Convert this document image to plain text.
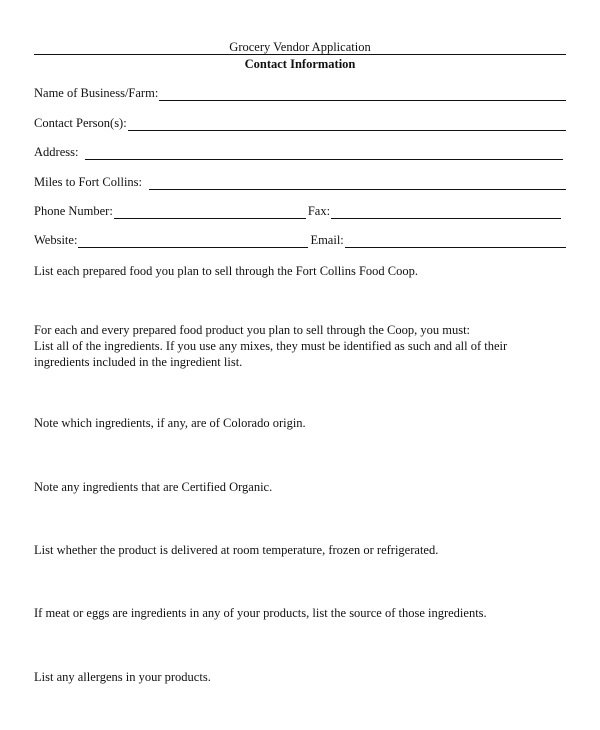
Grocery Vendor Application
Contact Information
Name of Business/Farm:
Contact Person(s):
Address:
Miles to Fort Collins:
Phone Number:	Fax:
Website:	Email:
List each prepared food you plan to sell through the Fort Collins Food Coop.
For each and every prepared food product you plan to sell through the Coop, you must:
List all of the ingredients. If you use any mixes, they must be identified as such and all of their ingredients included in the ingredient list.
Note which ingredients, if any, are of Colorado origin.
Note any ingredients that are Certified Organic.
List whether the product is delivered at room temperature, frozen or refrigerated.
If meat or eggs are ingredients in any of your products, list the source of those ingredients.
List any allergens in your products.
